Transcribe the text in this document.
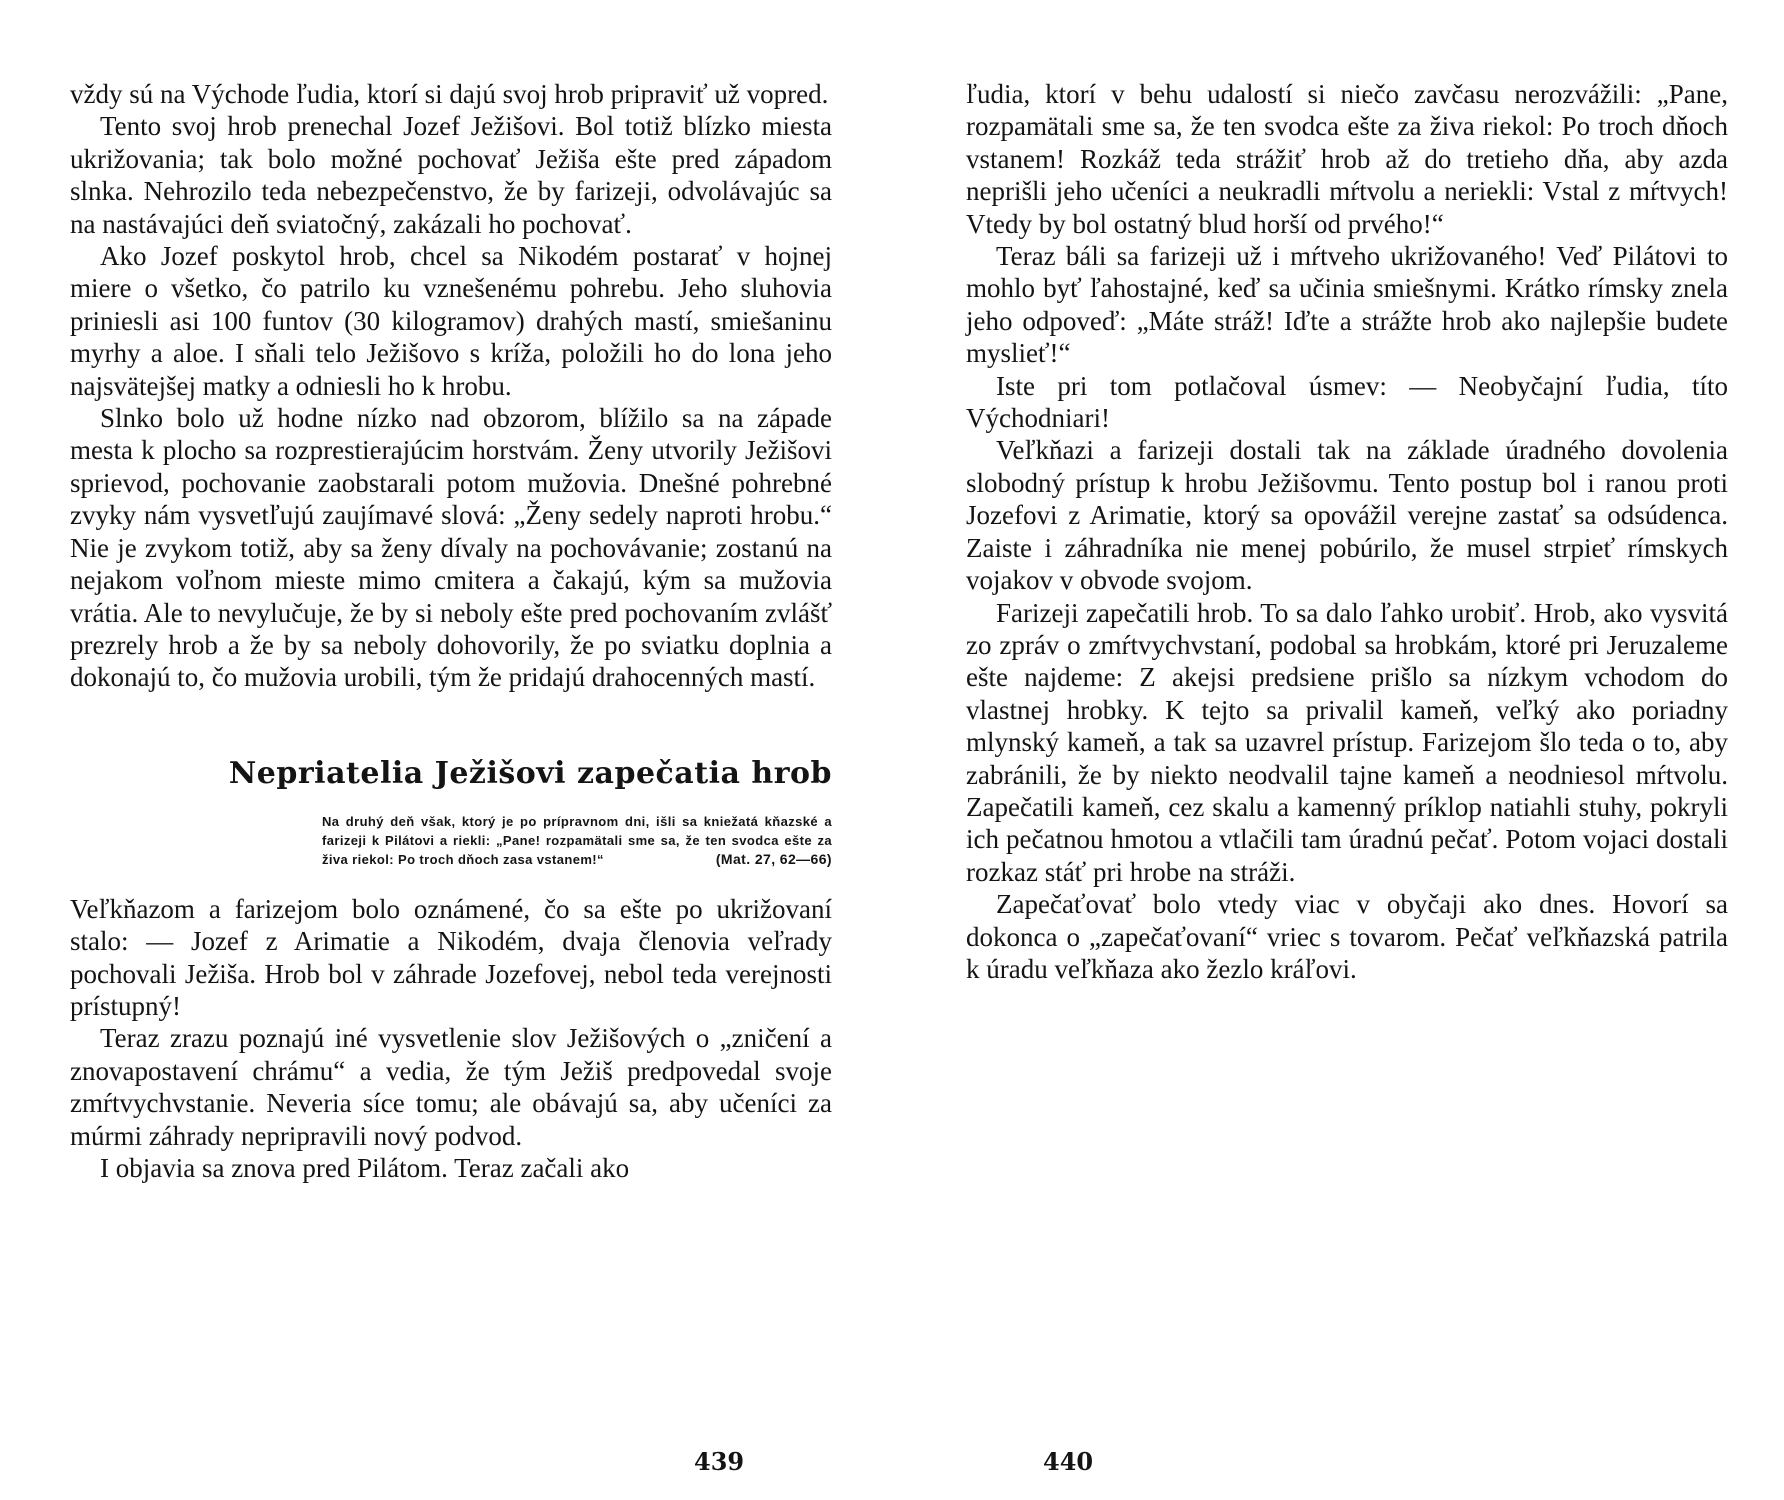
vždy sú na Východe ľudia, ktorí si dajú svoj hrob pripraviť už vopred.

Tento svoj hrob prenechal Jozef Ježišovi. Bol totiž blízko miesta ukrižovania; tak bolo možné pochovať Ježiša ešte pred západom slnka. Nehrozilo teda nebezpečenstvo, že by farizeji, odvolávajúc sa na nastávajúci deň sviatočný, zakázali ho pochovať.

Ako Jozef poskytol hrob, chcel sa Nikodém postarať v hojnej miere o všetko, čo patrilo ku vznešenému pohrebu. Jeho sluhovia priniesli asi 100 funtov (30 kilogramov) drahých mastí, smiešaninu myrhy a aloe. I sňali telo Ježišovo s kríža, položili ho do lona jeho najsvätejšej matky a odniesli ho k hrobu.

Slnko bolo už hodne nízko nad obzorom, blížilo sa na západe mesta k plocho sa rozprestierajúcim horstvám. Ženy utvorily Ježišovi sprievod, pochovanie zaobstarali potom mužovia. Dnešné pohrebné zvyky nám vysvetľujú zaujímavé slová: „Ženy sedely naproti hrobu.“ Nie je zvykom totiž, aby sa ženy dívaly na pochovávanie; zostanú na nejakom voľnom mieste mimo cmitera a čakajú, kým sa mužovia vrátia. Ale to nevylučuje, že by si neboly ešte pred pochovaním zvlášť prezrely hrob a že by sa neboly dohovorily, že po sviatku doplnia a dokonajú to, čo mužovia urobili, tým že pridajú drahocenných mastí.

Nepriatelia Ježišovi zapečatia hrob
Na druhý deň však, ktorý je po prípravnom dni, išli sa kniežatá kňazské a farizeji k Pilátovi a riekli: „Pane! rozpamätali sme sa, že ten svodca ešte za živa riekol: Po troch dňoch zasa vstanem!“	(Mat. 27, 62—66)

Veľkňazom a farizejom bolo oznámené, čo sa ešte po ukrižovaní stalo: — Jozef z Arimatie a Nikodém, dvaja členovia veľrady pochovali Ježiša. Hrob bol v záhrade Jozefovej, nebol teda verejnosti prístupný!

Teraz zrazu poznajú iné vysvetlenie slov Ježišových o „zničení a znovapostavení chrámu“ a vedia, že tým Ježiš predpovedal svoje zmŕtvychvstanie. Neveria síce tomu; ale obávajú sa, aby učeníci za múrmi záhrady nepripravili nový podvod.

I objavia sa znova pred Pilátom. Teraz začali ako

ľudia, ktorí v behu udalostí si niečo zavčasu nerozvážili: „Pane, rozpamätali sme sa, že ten svodca ešte za živa riekol: Po troch dňoch vstanem! Rozkáž teda strážiť hrob až do tretieho dňa, aby azda neprišli jeho učeníci a neukradli mŕtvolu a neriekli: Vstal z mŕtvych! Vtedy by bol ostatný blud horší od prvého!“

Teraz báli sa farizeji už i mŕtveho ukrižovaného! Veď Pilátovi to mohlo byť ľahostajné, keď sa učinia smiešnymi. Krátko rímsky znela jeho odpoveď: „Máte stráž! Iďte a strážte hrob ako najlepšie budete myslieť!“

Iste pri tom potlačoval úsmev: — Neobyčajní ľudia, títo Východniari!

Veľkňazi a farizeji dostali tak na základe úradného dovolenia slobodný prístup k hrobu Ježišovmu. Tento postup bol i ranou proti Jozefovi z Arimatie, ktorý sa opovážil verejne zastať sa odsúdenca. Zaiste i záhradníka nie menej pobúrilo, že musel strpieť rímskych vojakov v obvode svojom.

Farizeji zapečatili hrob. To sa dalo ľahko urobiť. Hrob, ako vysvitá zo zpráv o zmŕtvychvstaní, podobal sa hrobkám, ktoré pri Jeruzaleme ešte najdeme: Z akejsi predsiene prišlo sa nízkym vchodom do vlastnej hrobky. K tejto sa privalil kameň, veľký ako poriadny mlynský kameň, a tak sa uzavrel prístup. Farizejom šlo teda o to, aby zabránili, že by niekto neodvalil tajne kameň a neodniesol mŕtvolu. Zapečatili kameň, cez skalu a kamenný príklop natiahli stuhy, pokryli ich pečatnou hmotou a vtlačili tam úradnú pečať. Potom vojaci dostali rozkaz stáť pri hrobe na stráži.

Zapečaťovať bolo vtedy viac v obyčaji ako dnes. Hovorí sa dokonca o „zapečaťovaní“ vriec s tovarom. Pečať veľkňazská patrila k úradu veľkňaza ako žezlo kráľovi.

439	440
